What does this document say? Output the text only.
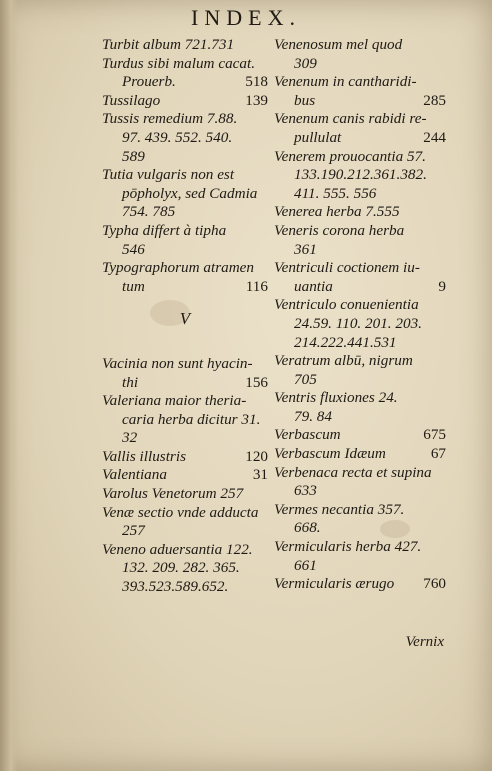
INDEX.
Turbit album 721.731
Turdus sibi malum cacat.
Prouerb.	518
Tussilago	139
Tussis remedium 7.88.
97. 439. 552. 540.
589
Tutia vulgaris non est
pōpholyx, sed Cadmia
754. 785
Typha differt à tipha
546
Typographorum atramen
tum	116
V
Vacinia non sunt hyacin-
thi	156
Valeriana maior theria-
caria herba dicitur 31.
32
Vallis illustris	120
Valentiana	31
Varolus Venetorum 257
Venæ sectio vnde adducta
257
Veneno aduersantia 122.
132. 209. 282. 365.
393.523.589.652.
Venenosum mel quod
309
Venenum in cantharidi-
bus	285
Venenum canis rabidi re-
pullulat	244
Venerem prouocantia 57.
133.190.212.361.382.
411. 555. 556
Venerea herba 7.555
Veneris corona herba
361
Ventriculi coctionem iu-
uantia	9
Ventriculo conuenientia
24.59. 110. 201. 203.
214.222.441.531
Veratrum albū, nigrum
705
Ventris fluxiones 24.
79. 84
Verbascum	675
Verbascum Idæum	67
Verbenaca recta et supina
633
Vermes necantia 357.
668.
Vermicularis herba 427.
661
Vermicularis ærugo	760
Vernix
